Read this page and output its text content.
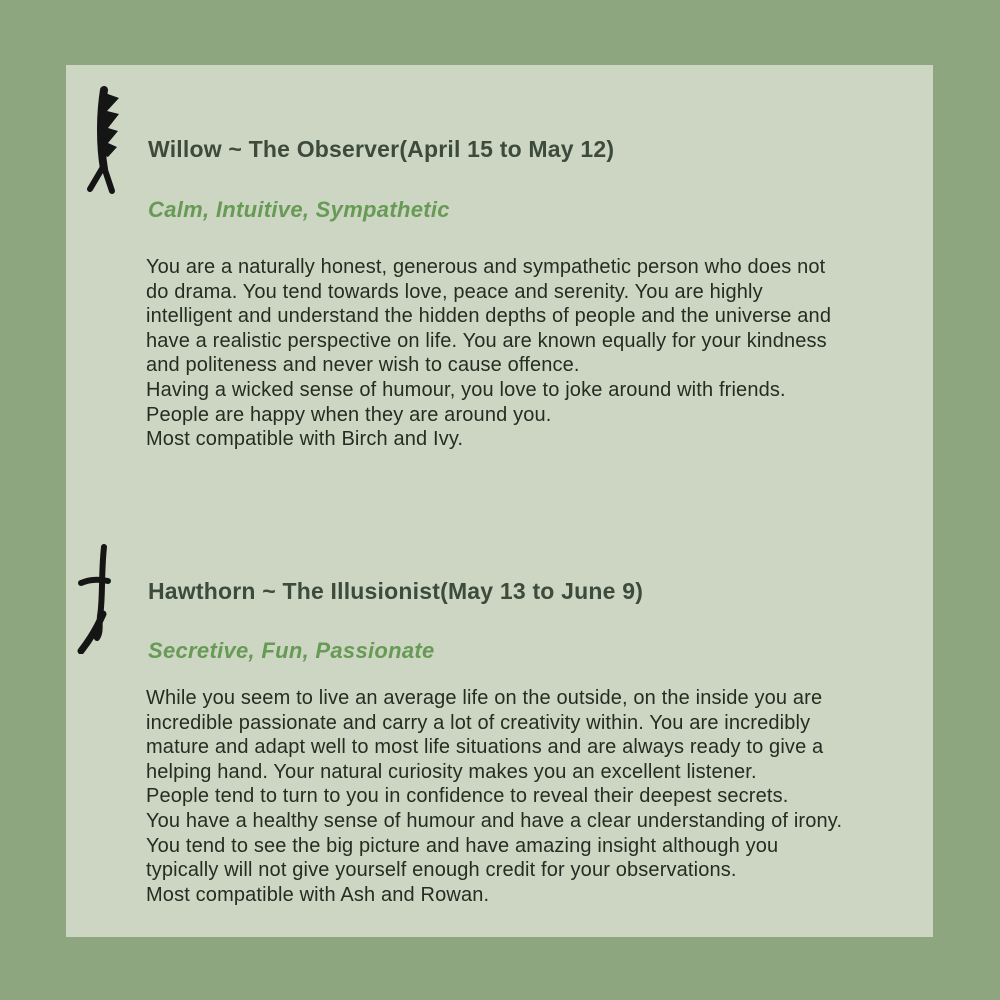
Willow ~ The Observer(April 15 to May 12)
Calm, Intuitive, Sympathetic
You are a naturally honest, generous and sympathetic person who does not
do drama. You tend towards love, peace and serenity. You are highly
intelligent and understand the hidden depths of people and the universe and
have a realistic perspective on life. You are known equally for your kindness
and politeness and never wish to cause offence.
Having a wicked sense of humour, you love to joke around with friends.
People are happy when they are around you.
Most compatible with Birch and Ivy.
Hawthorn ~ The Illusionist(May 13 to June 9)
Secretive, Fun, Passionate
While you seem to live an average life on the outside, on the inside you are
incredible passionate and carry a lot of creativity within. You are incredibly
mature and adapt well to most life situations and are always ready to give a
helping hand. Your natural curiosity makes you an excellent listener.
People tend to turn to you in confidence to reveal their deepest secrets.
You have a healthy sense of humour and have a clear understanding of irony.
You tend to see the big picture and have amazing insight although you
typically will not give yourself enough credit for your observations.
Most compatible with Ash and Rowan.
